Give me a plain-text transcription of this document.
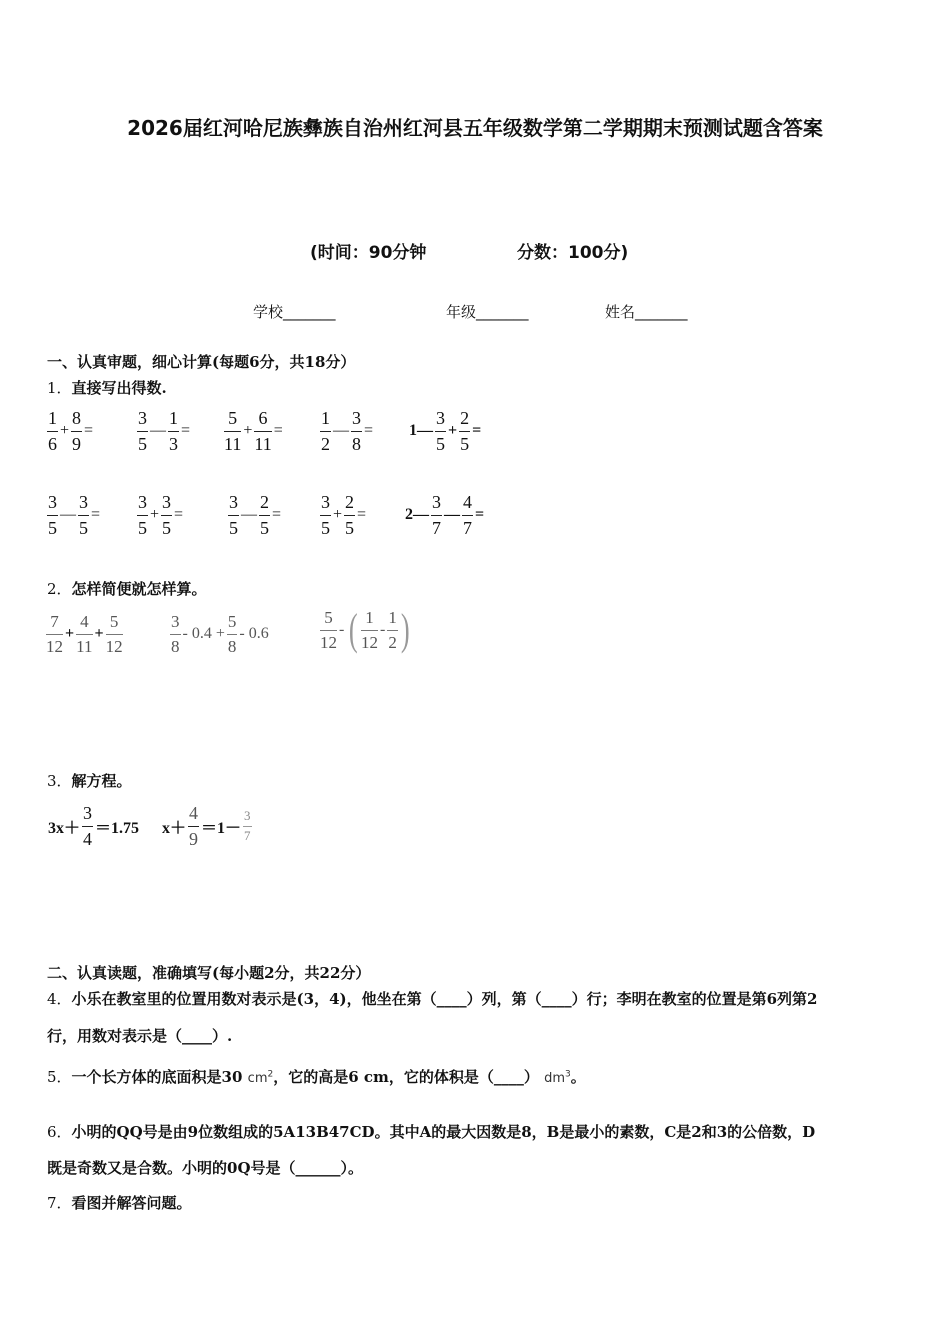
2026届红河哈尼族彝族自治州红河县五年级数学第二学期期末预测试题含答案
(时间：90分钟	分数：100分)
学校_______	年级_______	姓名_______
一、认真审题，细心计算(每题6分，共18分）
1．直接写出得数.
$\frac{1}{6} + \frac{8}{9} = \frac{3}{5}$ — $\frac{1}{3} = \frac{5}{11} + \frac{6}{11} = \frac{1}{2}$ — $\frac{3}{8}$ = 1— $\frac{3}{5} + \frac{2}{5}$ =
$\frac{3}{5}$ — $\frac{3}{5} = \frac{3}{5} + \frac{3}{5} = \frac{3}{5}$ — $\frac{2}{5} = \frac{3}{5} + \frac{2}{5}$ = 2— $\frac{3}{7}$ — $\frac{4}{7}$ =
2．怎样简便就怎样算。
$\frac{7}{12} + \frac{4}{11} + \frac{5}{12}$	$\frac{3}{8} - 0.4 + \frac{5}{8} - 0.6$	$\frac{5}{12}$ - ( $\frac{1}{12} - \frac{1}{2}$ )
3．解方程。
$3x+ \frac{3}{4} =1.75$ $x+ \frac{4}{9} =1- \frac{3}{7}$
二、认真读题，准确填写(每小题2分，共22分）
4．小乐在教室里的位置用数对表示是(3，4)，他坐在第（____）列，第（____）行；李明在教室的位置是第6列第2
行，用数对表示是（____）.
5．一个长方体的底面积是30 $cm^2$，它的高是6 cm，它的体积是（____） $dm^3$。
6．小明的QQ号是由9位数组成的5A13B47CD。其中A的最大因数是8，B是最小的素数，C是2和3的公倍数，D
既是奇数又是合数。小明的0Q号是（______）。
7．看图并解答问题。
